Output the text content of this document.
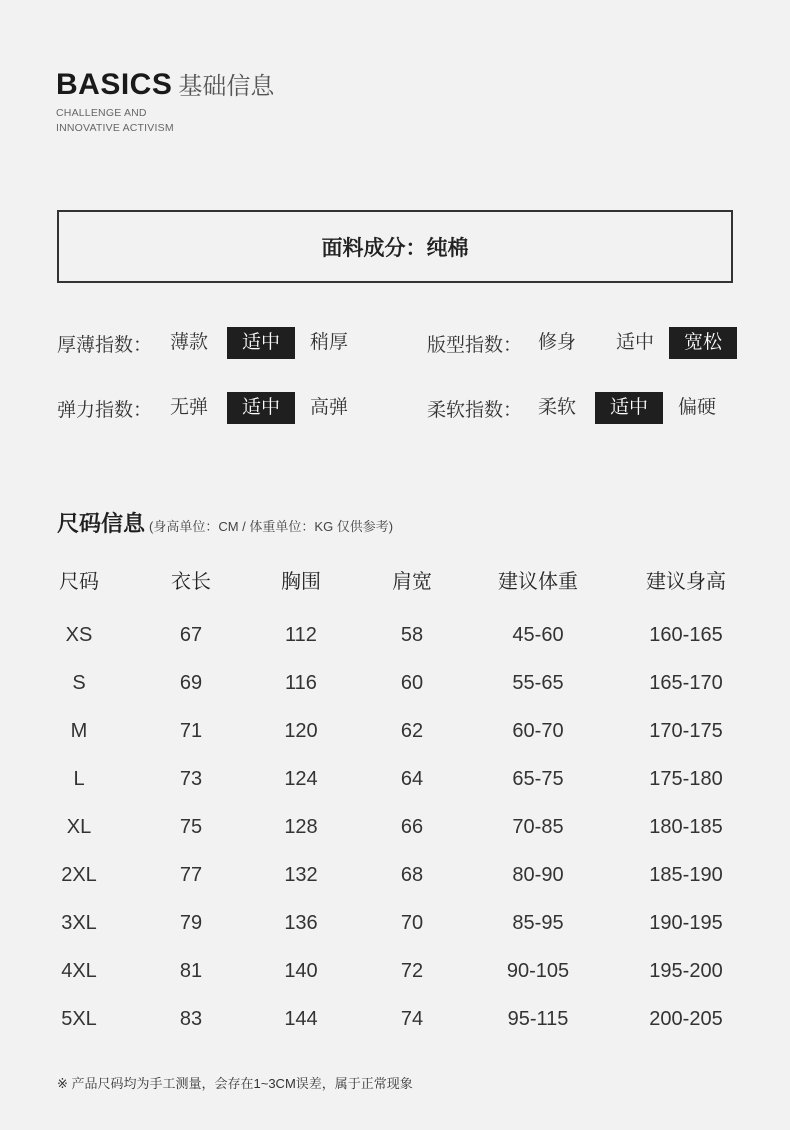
BASICS 基础信息
CHALLENGE AND
INNOVATIVE ACTIVISM
面料成分：纯棉
厚薄指数： 薄款	适中	稍厚	版型指数： 修身	适中	宽松
弹力指数： 无弹	适中	高弹	柔软指数： 柔软	适中	偏硬
尺码信息 (身高单位：CM / 体重单位：KG 仅供参考)
尺码	衣长	胸围	肩宽	建议体重	建议身高
XS	67	112	58	45-60	160-165
S	69	116	60	55-65	165-170
M	71	120	62	60-70	170-175
L	73	124	64	65-75	175-180
XL	75	128	66	70-85	180-185
2XL	77	132	68	80-90	185-190
3XL	79	136	70	85-95	190-195
4XL	81	140	72	90-105	195-200
5XL	83	144	74	95-115	200-205
※ 产品尺码均为手工测量，会存在1~3CM误差，属于正常现象
